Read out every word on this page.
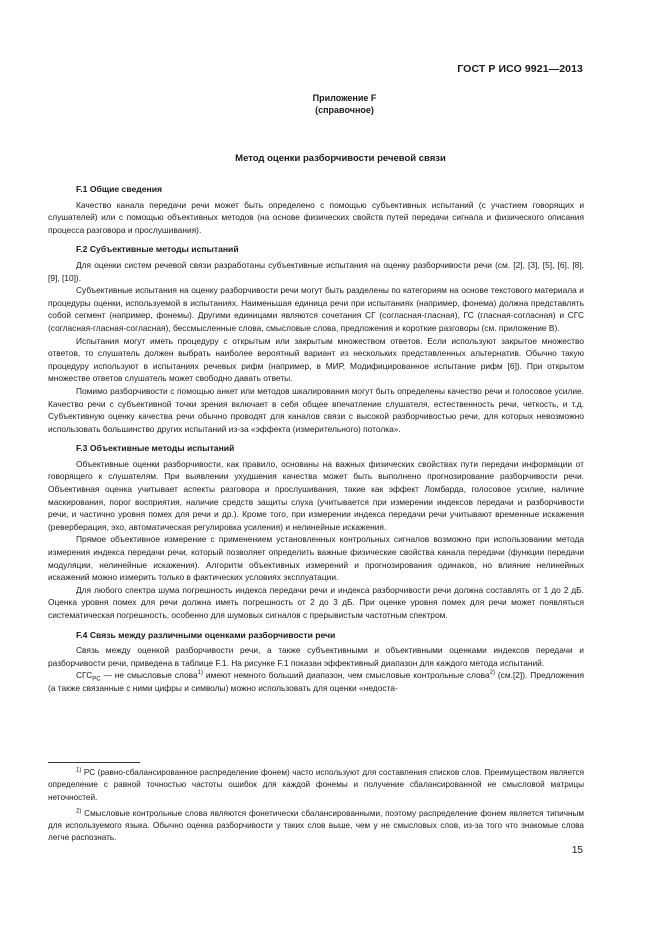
ГОСТ Р ИСО 9921—2013
Приложение F
(справочное)
Метод оценки разборчивости речевой связи
F.1 Общие сведения

Качество канала передачи речи может быть определено с помощью субъективных испытаний (с участием говорящих и слушателей) или с помощью объективных методов (на основе физических свойств путей передачи сигнала и физического описания процесса разговора и прослушивания).

F.2 Субъективные методы испытаний

Для оценки систем речевой связи разработаны субъективные испытания на оценку разборчивости речи (см. [2], [3], [5], [6], [8], [9], [10]).

Субъективные испытания на оценку разборчивости речи могут быть разделены по категориям на основе текстового материала и процедуры оценки, используемой в испытаниях. Наименьшая единица речи при испытаниях (например, фонема) должна представлять собой сегмент (например, фонемы). Другими единицами являются сочетания СГ (согласная-гласная), ГС (гласная-согласная) и СГС (согласная-гласная-согласная), бессмысленные слова, смысловые слова, предложения и короткие разговоры (см. приложение В).

Испытания могут иметь процедуру с открытым или закрытым множеством ответов. Если используют закрытое множество ответов, то слушатель должен выбрать наиболее вероятный вариант из нескольких представленных альтернатив. Обычно такую процедуру используют в испытаниях речевых рифм (например, в МИР, Модифицированное испытание рифм [6]). При открытом множестве ответов слушатель может свободно давать ответы.

Помимо разборчивости с помощью анкет или методов шкалирования могут быть определены качество речи и голосовое усилие. Качество речи с субъективной точки зрения включает в себя общее впечатление слушателя, естественность речи, четкость, и т.д. Субъективную оценку качества речи обычно проводят для каналов связи с высокой разборчивостью речи, для которых невозможно использовать большинство других испытаний из-за «эффекта (измерительного) потолка».

F.3 Объективные методы испытаний

Объективные оценки разборчивости, как правило, основаны на важных физических свойствах пути передачи информации от говорящего к слушателям. При выявлении ухудшения качества может быть выполнено прогнозирование разборчивости речи. Объективная оценка учитывает аспекты разговора и прослушивания, такие как эффект Ломбарда, голосовое усилие, наличие маскирования, порог восприятия, наличие средств защиты слуха (учитывается при измерении индексов передачи и разборчивости речи, и частично уровня помех для речи и др.). Кроме того, при измерении индекса передачи речи учитывают временные искажения (реверберация, эхо, автоматическая регулировка усиления) и нелинейные искажения.

Прямое объективное измерение с применением установленных контрольных сигналов возможно при использовании метода измерения индекса передачи речи, который позволяет определить важные физические свойства канала передачи (функции передачи модуляции, нелинейные искажения). Алгоритм объективных измерений и прогнозирования одинаков, но влияние нелинейных искажений можно измерить только в фактических условиях эксплуатации.

Для любого спектра шума погрешность индекса передачи речи и индекса разборчивости речи должна составлять от 1 до 2 дБ. Оценка уровня помех для речи должна иметь погрешность от 2 до 3 дБ. При оценке уровня помех для речи может появляться систематическая погрешность, особенно для шумовых сигналов с прерывистым частотным спектром.

F.4 Связь между различными оценками разборчивости речи

Связь между оценкой разборчивости речи, а также субъективными и объективными оценками индексов передачи и разборчивости речи, приведена в таблице F.1. На рисунке F.1 показан эффективный диапазон для каждого метода испытаний.

$СГС_{РС}$ — не смысловые слова$^{1)}$ имеют немного больший диапазон, чем смысловые контрольные слова$^{2)}$ (см.[2]). Предложения (а также связанные с ними цифры и символы) можно использовать для оценки «недоста-

$^{1)}$ РС (равно-сбалансированное распределение фонем) часто используют для составления списков слов. Преимуществом является определение с равной точностью частоты ошибок для каждой фонемы и получение сбалансированной не смысловой матрицы неточностей.

$^{2)}$ Смысловые контрольные слова являются фонетически сбалансированными, поэтому распределение фонем является типичным для используемого языка. Обычно оценка разборчивости у таких слов выше, чем у не смысловых слов, из-за того что знакомые слова легче распознать.

15
